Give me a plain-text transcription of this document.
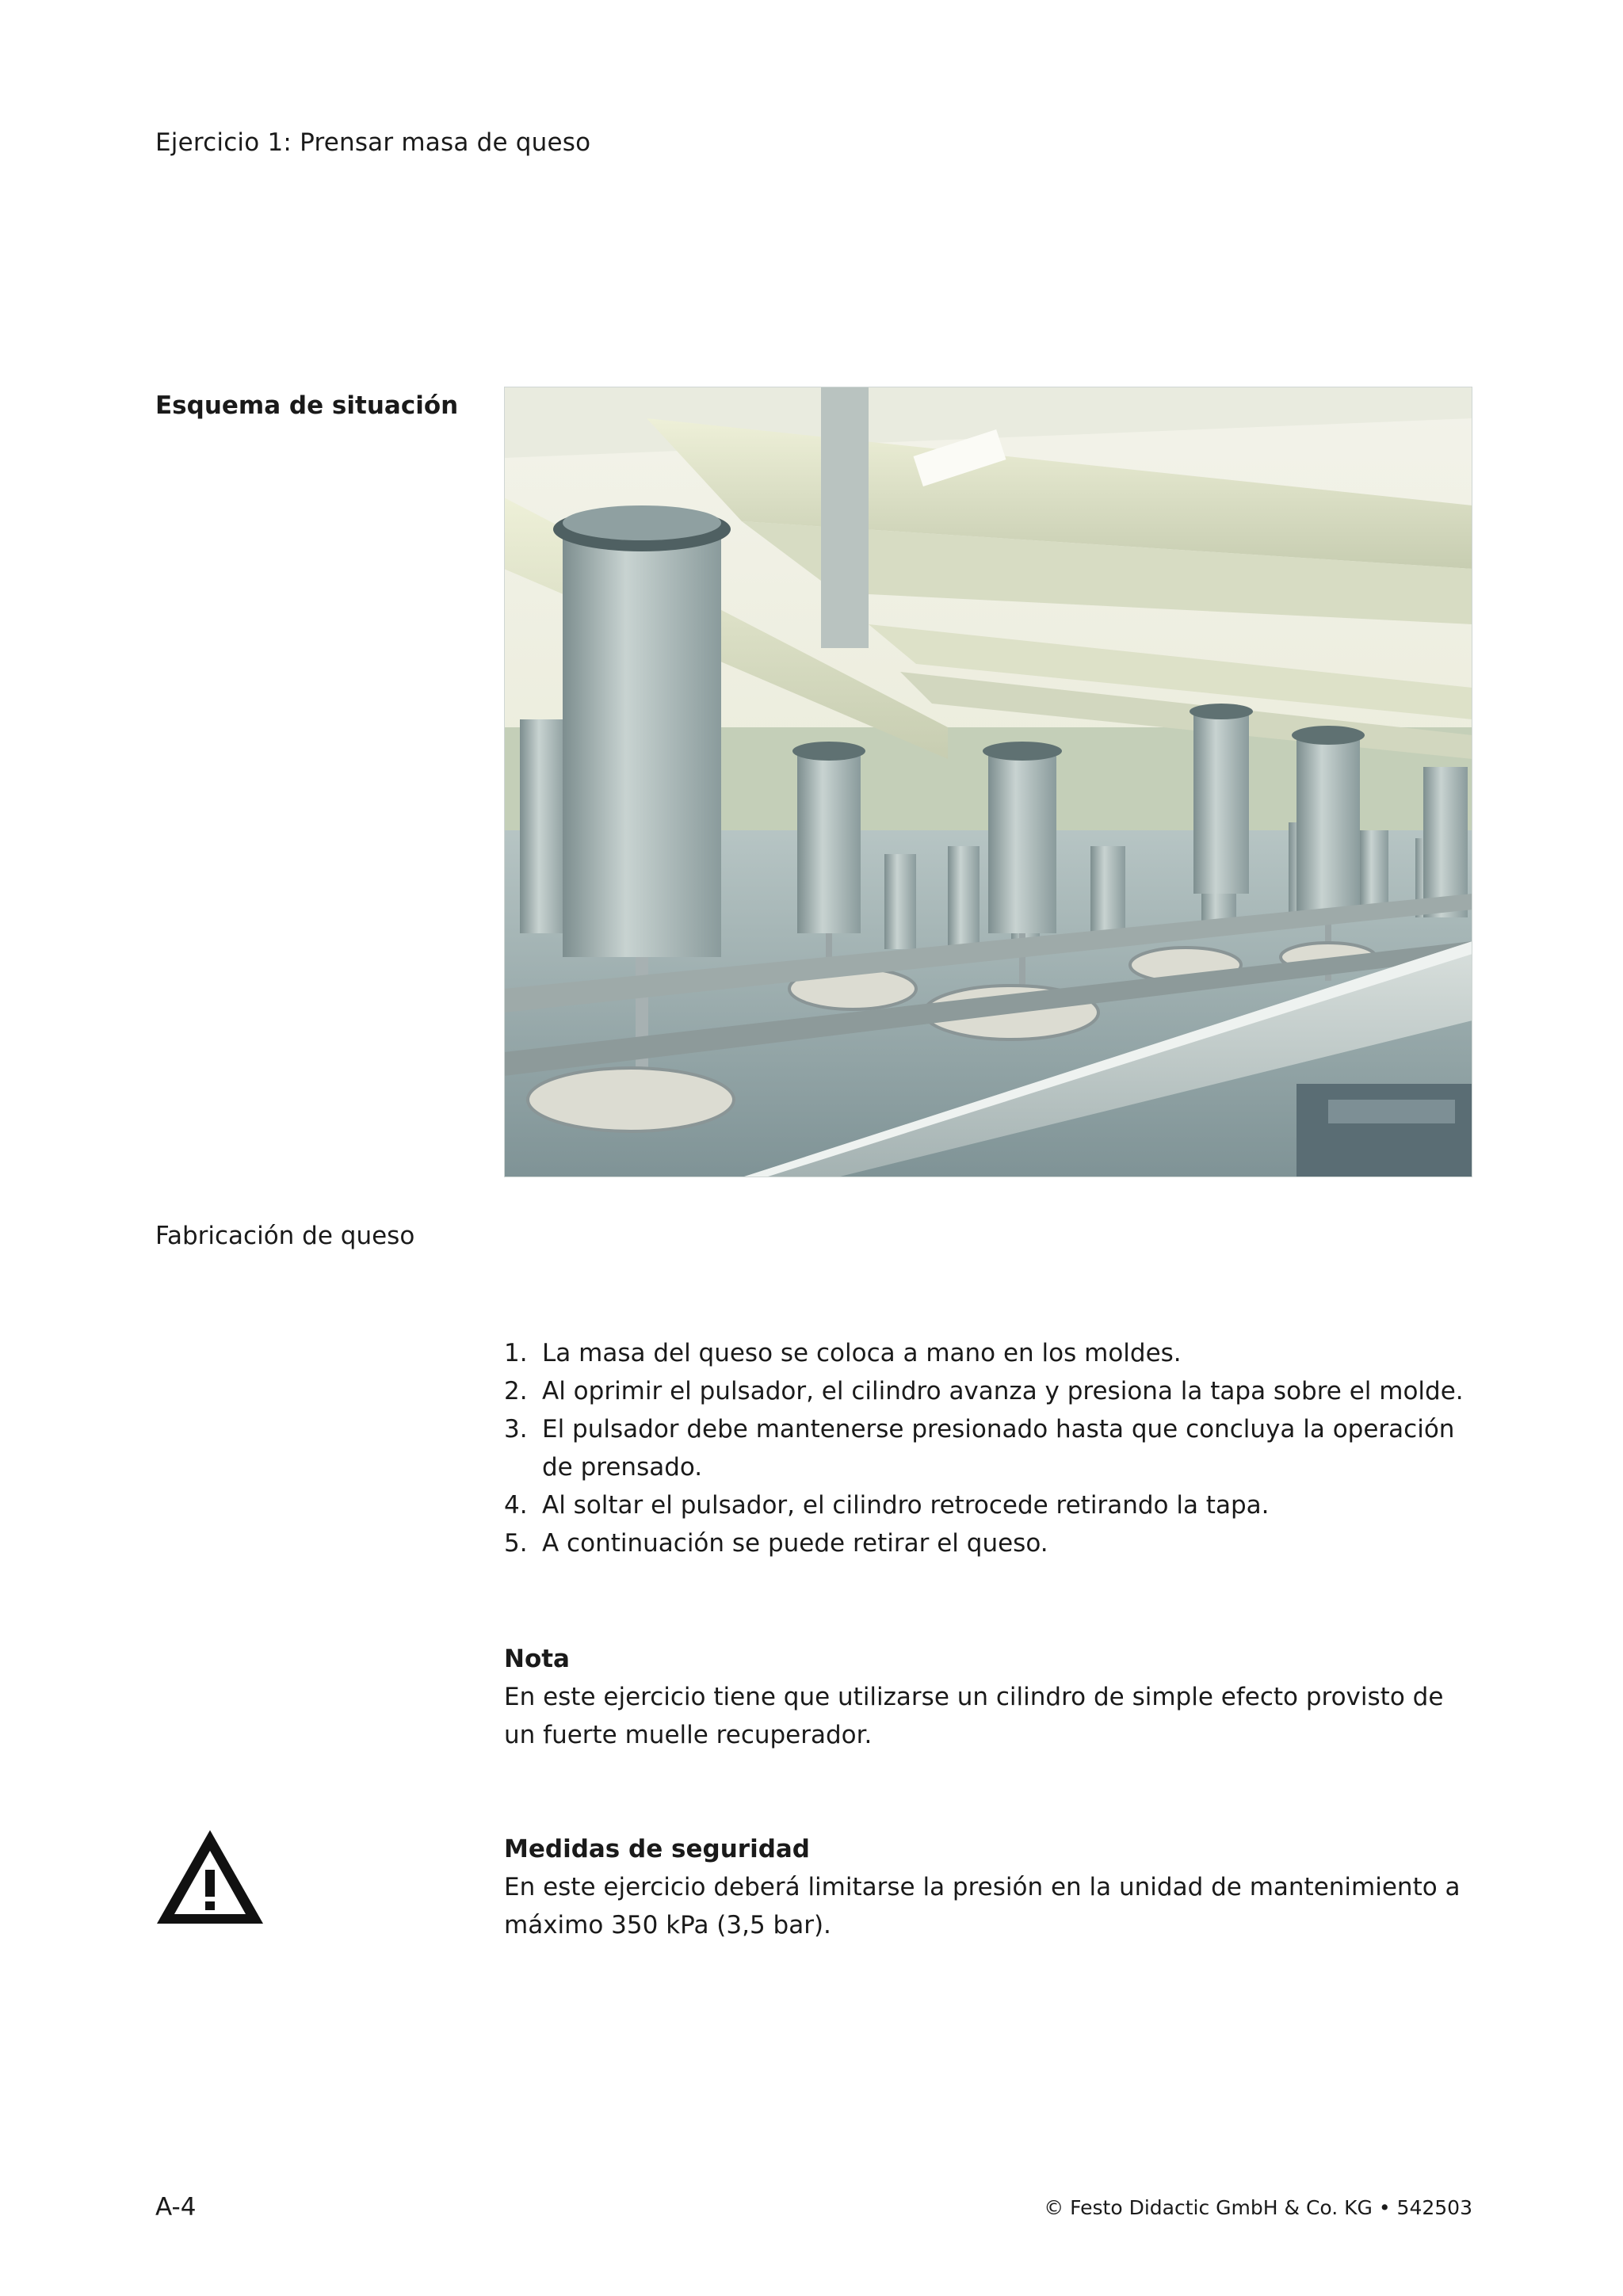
Ejercicio 1: Prensar masa de queso
Esquema de situación
Fabricación de queso
1. La masa del queso se coloca a mano en los moldes.
2. Al oprimir el pulsador, el cilindro avanza y presiona la tapa sobre el molde.
3. El pulsador debe mantenerse presionado hasta que concluya la operación de prensado.
4. Al soltar el pulsador, el cilindro retrocede retirando la tapa.
5. A continuación se puede retirar el queso.
Nota
En este ejercicio tiene que utilizarse un cilindro de simple efecto provisto de un fuerte muelle recuperador.
Medidas de seguridad
En este ejercicio deberá limitarse la presión en la unidad de mantenimiento a máximo 350 kPa (3,5 bar).
A-4	© Festo Didactic GmbH & Co. KG • 542503
